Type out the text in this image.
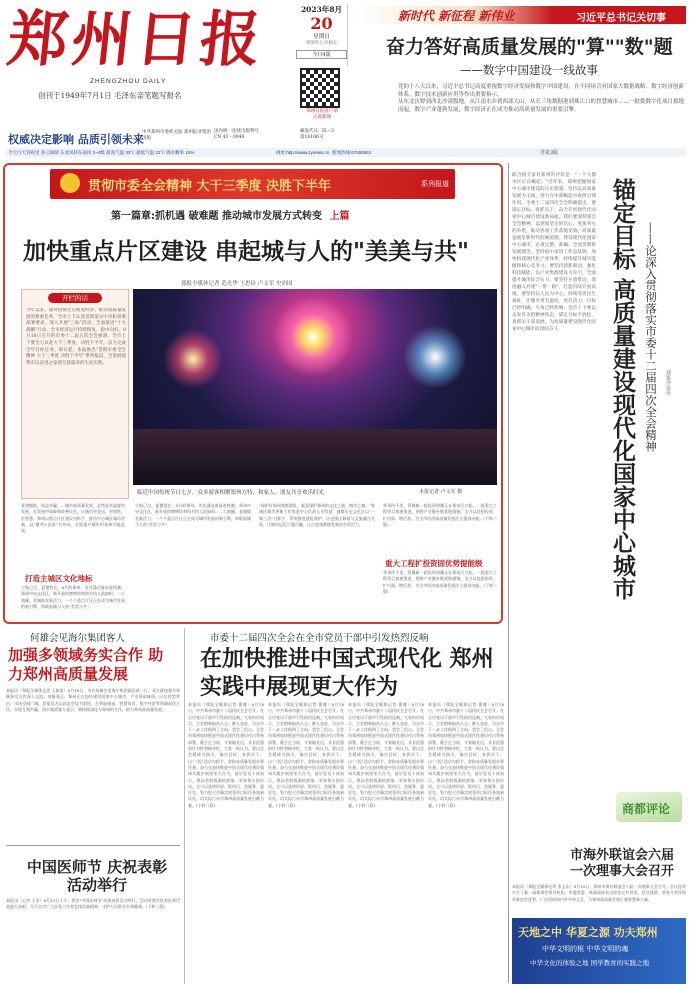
郑州日报
ZHENGZHOU DAILY
创刊于1949年7月1日 毛泽东亲笔题写报名
2023年8月
20
星期日
癸卯年七月初五
今日4版
郑州日报客户端
正观新闻
新时代 新征程 新伟业	习近平总书记关切事
奋力答好高质量发展的"算""数"题
——数字中国建设一线故事

党的十八大以来，习近平总书记高度重视数字经济发展和数字中国建设，在不同场合对国家大数据战略、数字经济创新体系、数字技术创新应用等作出重要指示。

从东北沃野到西北沙漠腹地，从江南水乡到西部大山，从长三角数据港到珠江口的智慧城市……一批批数字化项目拔地而起，数字产业蓬勃发展，数字经济正在成为推动高质量发展的重要引擎。

权威决定影响 品质引领未来
中共郑州市委机关报 郑州报业集团出版
国内统一连续出版物号
CN 41 - 0048
邮发代号: 35 - 3
第16106号
今天白天到夜里 多云间晴 东北风转东南风 3~4级 最高气温 33℃ 最低气温 22℃ 降水概率 10%	网址:http://www.zynews.cn 新闻热线:67655551	详见3版
贯彻市委全会精神 大干三季度 决胜下半年	系列报道
第一篇章:抓机遇 破难题 推动城市发展方式转变 上篇
加快重点片区建设 串起城与人的"美美与共"
郑报全媒体记者 范光华 王思俭 卢文军 史治国
开栏的话
今年以来，面对疫情之后恢复经济、推动高质量发展的繁重任务，全市上下认真贯彻落实中央和省委部署要求，深入开展"三标"活动，全面推进"十大战略"行动，全市经济运行持续恢复，稳中向好。8月18日召开的市委十二届五次全会强调，全市上下要全力以赴大干三季度、决胜下半年，奋力完成全年目标任务。即日起，本报推出"贯彻市委全会精神 大干三季度 决胜下半年"系列报道，全景展现我市以奋进之姿谱写新篇章的生动实践。
临近中国传统节日七夕，众多游客相聚郑州方特，和家人、朋友共享欢乐时光	本报记者 卢文军 摄
党建赋能，权益共赢……城市高质量发展，必然是有温度的发展。在发展中保障和改善民生，让城市更宜居、更韧性、更智慧。郑州以重点片区建设为抓手，推动中心城区城市更新，以"繁华+品质"为导向，全面提升城市形象和功能品质。
打造主城区文化地标
立秋已过，夏暑犹在。8月的郑州，处处涌动着奋进热潮。郑州中央文化区，新开放的博物馆和图书馆人流如织；二七商圈，老城焕发新活力。一个个重点片区正在成为城市发展的新引擎，串联起城与人的"美美与共"。
立秋已过，夏暑犹在。8月的郑州，处处涌动着奋进热潮。郑州中央文化区，新开放的博物馆和图书馆人流如织；二七商圈，老城焕发新活力。一个个重点片区正在成为城市发展的新引擎，串联起城与人的"美美与共"。
"保护好郑州商都遗址，就是保护郑州的文化之根、城市之魂。"曾城区城市更新工作推进中心负责人介绍说，商都历史文化区以"一城三点"为抓手，系统推进遗址保护、历史街区修复与文旅融合发展，让城市记忆可感可触，让古老商都焕发新的生机活力。
华事传千里，管城新一轮投资热潮正在郑东区兴起。一批重大工程项目加速推进，围绕产业链补链延链强链，全力以赴稳投资、扩内需、增后劲，为全市经济高质量发展注入强劲动能。(下转二版)
重大工程扩投资固优势提能级
华事传千里，管城新一轮投资热潮正在郑东区兴起。一批重大工程项目加速推进，围绕产业链补链延链强链，全力以赴稳投资、扩内需、增后劲，为全市经济高质量发展注入强劲动能。(下转二版)
联合国专家对郑州的评价是："一个大都市区正在崛起。"近年来，郑州把握国家中心城市建设的历史机遇，坚持以高质量发展为主线，努力在中部崛起中发挥引领作用。市委十二届四次全会明确提出，要锚定目标、真抓实干，奋力开创现代化国家中心城市建设新局面。我们要深刻领会全会精神，以更加坚定的信心、更加务实的举措，推动各项工作落地见效。高质量发展是新时代的硬道理。建设现代化国家中心城市，必须完整、准确、全面贯彻新发展理念，坚持稳中求进工作总基调，加快构建现代化产业体系，持续提升城市能级和核心竞争力。要坚持创新驱动，强化科技赋能，以产业集群建设为牵引，全面提升城市综合实力。要坚持开放带动，深度融入共建"一带一路"，打造内陆开放高地。要坚持以人民为中心，持续改善民生福祉，让城市更有温度、更有活力。目标已经明确，号角已经吹响。全市上下要以奋发有为的精神状态，锚定目标不放松，真抓实干谋发展，为高质量建设现代化国家中心城市而团结奋斗。	锚定目标 高质量建设现代化国家中心城市 ——论深入贯彻落实市委十二届四次全会精神 郑报评论员
商都评论
市海外联谊会六届一次理事大会召开
本报讯（郑报全媒体记者 张玉东）8月18日，郑州市海外联谊会六届一次理事大会召开。会议选举产生了新一届理事会领导机构，市委常委、统战部部长出席会议并讲话。会议强调，要充分发挥海外联谊会优势，广泛团结海内外中华儿女，为郑州高质量发展汇聚智慧和力量。
天地之中 华夏之源 功夫郑州
中华文明的根 中华文明的魂
中华文化的体验之地 国学教育的实践之地
何雄会见海尔集团客人
加强多领域务实合作 助力郑州高质量发展
本报讯（郑报全媒体记者 王新富）8月18日，市长何雄会见海尔集团副总裁一行，双方就加强多领域务实合作深入交流。何雄表示，郑州正在加快建设国家中心城市，产业基础雄厚，区位优势突出，市场空间广阔。希望双方以此次会谈为契机，在智能制造、智慧家居、数字经济等领域深化合作，实现互利共赢。海尔集团客人表示，将持续深化与郑州的合作，助力郑州高质量发展。
中国医师节 庆祝表彰活动举行
本报讯（记者 王治）8月19日下午，我市"中国医师节"庆祝表彰活动举行。活动对我市优秀医师代表进行表彰，号召全市广大医务工作者弘扬崇高精神，守护人民群众生命健康。(下转二版)
市委十二届四次全会在全市党员干部中引发热烈反响
在加快推进中国式现代化 郑州实践中展现更大作为
本报讯（郑报全媒体记者 董娜）8月18日，中共郑州市委十二届四次全会召开，在全市党员干部中引发热烈反响。大家纷纷表示，全会精神振奋人心、催人奋进，为全市下一步工作指明了方向，坚定了信心。全会对郑州加快推进中国式现代化建设作出系统部署，既立足当前，又着眼长远，具有很强的针对性和指导性。大家一致认为，要以全会精神为指引，锚定目标，真抓实干，以"三标"活动为抓手，坚持高质量发展首要任务，奋力在加快推进中国式现代化建设郑州实践中展现更大作为。基层党员干部表示，将以更加饱满的热情、更加务实的作风，全力以赴拼经济、抓项目、优服务、惠民生，努力把全会确定的各项目标任务落到实处，以实际行动为郑州高质量发展贡献力量。(下转二版)
本报讯（郑报全媒体记者 董娜）8月18日，中共郑州市委十二届四次全会召开，在全市党员干部中引发热烈反响。大家纷纷表示，全会精神振奋人心、催人奋进，为全市下一步工作指明了方向，坚定了信心。全会对郑州加快推进中国式现代化建设作出系统部署，既立足当前，又着眼长远，具有很强的针对性和指导性。大家一致认为，要以全会精神为指引，锚定目标，真抓实干，以"三标"活动为抓手，坚持高质量发展首要任务，奋力在加快推进中国式现代化建设郑州实践中展现更大作为。基层党员干部表示，将以更加饱满的热情、更加务实的作风，全力以赴拼经济、抓项目、优服务、惠民生，努力把全会确定的各项目标任务落到实处，以实际行动为郑州高质量发展贡献力量。(下转二版)
本报讯（郑报全媒体记者 董娜）8月18日，中共郑州市委十二届四次全会召开，在全市党员干部中引发热烈反响。大家纷纷表示，全会精神振奋人心、催人奋进，为全市下一步工作指明了方向，坚定了信心。全会对郑州加快推进中国式现代化建设作出系统部署，既立足当前，又着眼长远，具有很强的针对性和指导性。大家一致认为，要以全会精神为指引，锚定目标，真抓实干，以"三标"活动为抓手，坚持高质量发展首要任务，奋力在加快推进中国式现代化建设郑州实践中展现更大作为。基层党员干部表示，将以更加饱满的热情、更加务实的作风，全力以赴拼经济、抓项目、优服务、惠民生，努力把全会确定的各项目标任务落到实处，以实际行动为郑州高质量发展贡献力量。(下转二版)
本报讯（郑报全媒体记者 董娜）8月18日，中共郑州市委十二届四次全会召开，在全市党员干部中引发热烈反响。大家纷纷表示，全会精神振奋人心、催人奋进，为全市下一步工作指明了方向，坚定了信心。全会对郑州加快推进中国式现代化建设作出系统部署，既立足当前，又着眼长远，具有很强的针对性和指导性。大家一致认为，要以全会精神为指引，锚定目标，真抓实干，以"三标"活动为抓手，坚持高质量发展首要任务，奋力在加快推进中国式现代化建设郑州实践中展现更大作为。基层党员干部表示，将以更加饱满的热情、更加务实的作风，全力以赴拼经济、抓项目、优服务、惠民生，努力把全会确定的各项目标任务落到实处，以实际行动为郑州高质量发展贡献力量。(下转二版)
